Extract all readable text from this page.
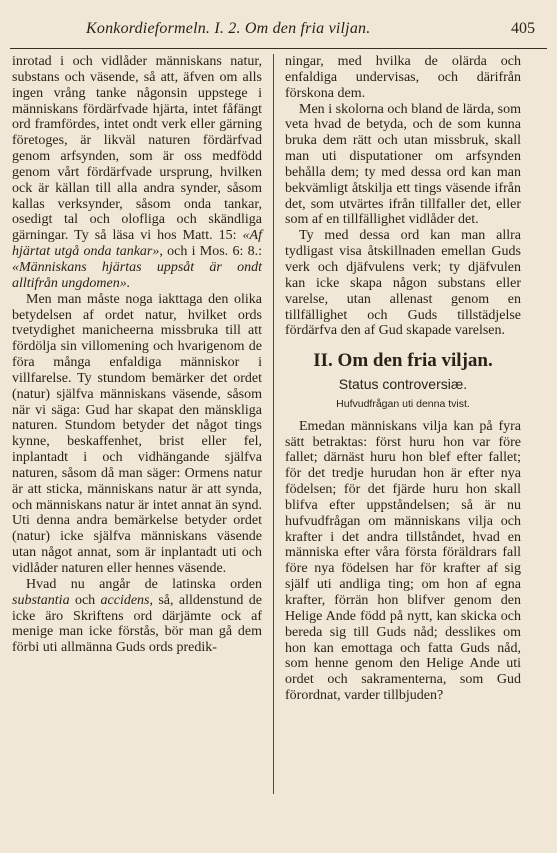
Konkordieformeln. I. 2. Om den fria viljan.	405

inrotad i och vidlåder människans natur, substans och väsende, så att, äfven om alls ingen vrång tanke någonsin uppstege i människans fördärfvade hjärta, intet fåfängt ord framfördes, intet ondt verk eller gärning företoges, är likväl naturen fördärfvad genom arfsynden, som är oss medfödd genom vårt fördärfvade ursprung, hvilken ock är källan till alla andra synder, såsom kallas verksynder, såsom onda tankar, osedigt tal och olofliga och skändliga gärningar. Ty så läsa vi hos Matt. 15: «Af hjärtat utgå onda tankar», och i Mos. 6: 8.: «Människans hjärtas uppsåt är ondt alltifrån ungdomen».

Men man måste noga iakttaga den olika betydelsen af ordet natur, hvilket ords tvetydighet manicheerna missbruka till att fördölja sin villomening och hvarigenom de föra många enfaldiga människor i villfarelse. Ty stundom bemärker det ordet (natur) själfva människans väsende, såsom när vi säga: Gud har skapat den mänskliga naturen. Stundom betyder det något tings kynne, beskaffenhet, brist eller fel, inplantadt i och vidhängande själfva naturen, såsom då man säger: Ormens natur är att sticka, människans natur är att synda, och människans natur är intet annat än synd. Uti denna andra bemärkelse betyder ordet (natur) icke själfva människans väsende utan något annat, som är inplantadt uti och vidlåder naturen eller hennes väsende.

Hvad nu angår de latinska orden substantia och accidens, så, alldenstund de icke äro Skriftens ord därjämte ock af menige man icke förstås, bör man gå dem förbi uti allmänna Guds ords predik-

ningar, med hvilka de olärda och enfaldiga undervisas, och därifrån förskona dem.

Men i skolorna och bland de lärda, som veta hvad de betyda, och de som kunna bruka dem rätt och utan missbruk, skall man uti disputationer om arfsynden behålla dem; ty med dessa ord kan man bekvämligt åtskilja ett tings väsende ifrån det, som utvärtes ifrån tillfaller det, eller som af en tillfällighet vidlåder det.

Ty med dessa ord kan man allra tydligast visa åtskillnaden emellan Guds verk och djäfvulens verk; ty djäfvulen kan icke skapa någon substans eller varelse, utan allenast genom en tillfällighet och Guds tillstädjelse fördärfva den af Gud skapade varelsen.

II. Om den fria viljan.
Status controversiæ.
Hufvudfrågan uti denna tvist.

Emedan människans vilja kan på fyra sätt betraktas: först huru hon var före fallet; därnäst huru hon blef efter fallet; för det tredje hurudan hon är efter nya födelsen; för det fjärde huru hon skall blifva efter uppståndelsen; så är nu hufvudfrågan om människans vilja och krafter i det andra tillståndet, hvad en människa efter våra första föräldrars fall före nya födelsen har för krafter af sig själf uti andliga ting; om hon af egna krafter, förrän hon blifver genom den Helige Ande född på nytt, kan skicka och bereda sig till Guds nåd; desslikes om hon kan emottaga och fatta Guds nåd, som henne genom den Helige Ande uti ordet och sakramenterna, som Gud förordnat, varder tillbjuden?
